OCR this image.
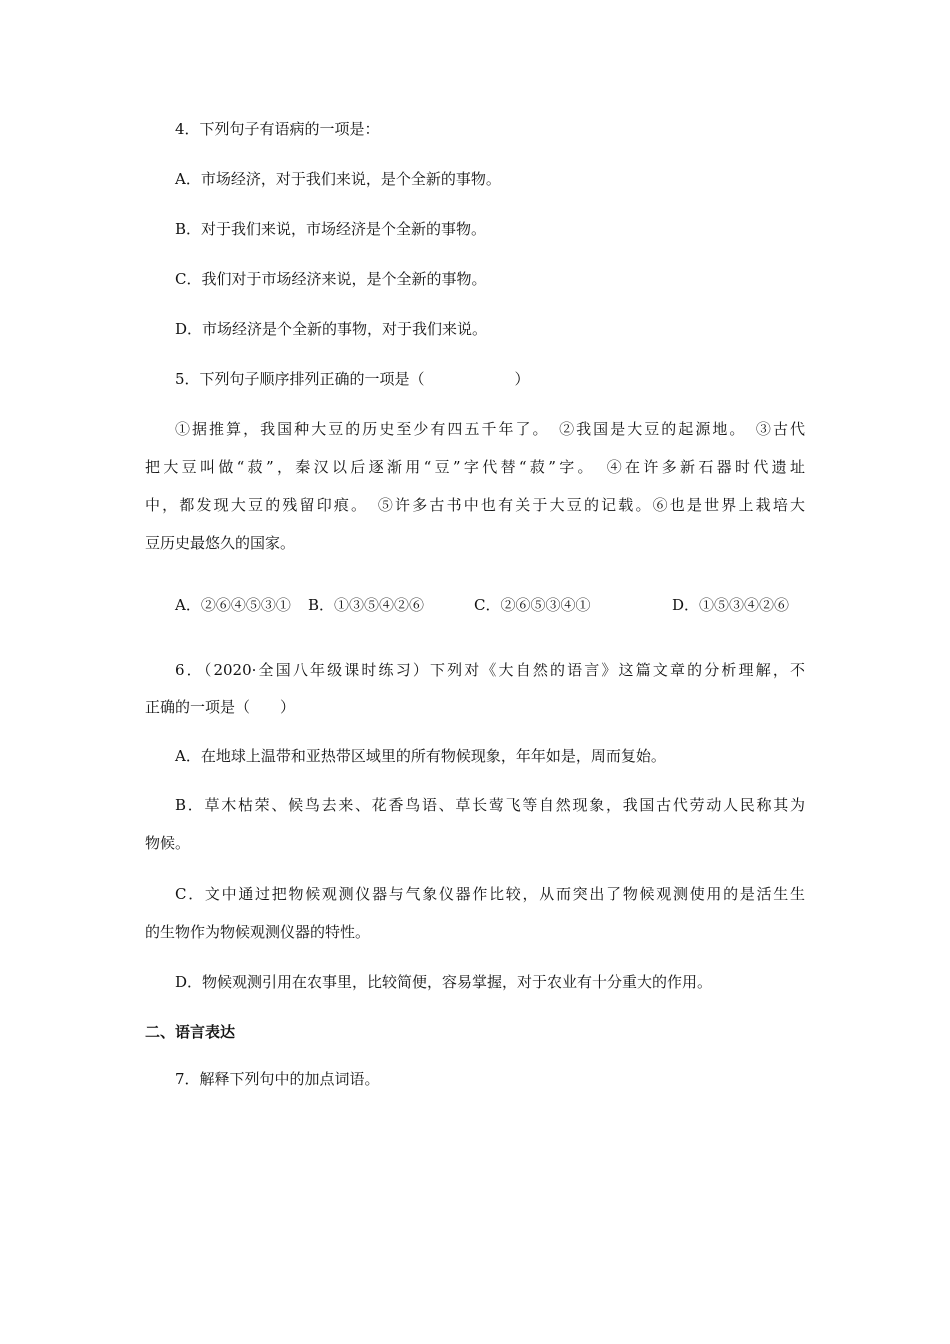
4．下列句子有语病的一项是：
A．市场经济，对于我们来说，是个全新的事物。
B．对于我们来说，市场经济是个全新的事物。
C．我们对于市场经济来说，是个全新的事物。
D．市场经济是个全新的事物，对于我们来说。
5．下列句子顺序排列正确的一项是（　　　　　　）
①据推算，我国种大豆的历史至少有四五千年了。　②我国是大豆的起源地。　③古代
把大豆叫做“菽”，秦汉以后逐渐用“豆”字代替“菽”字。　④在许多新石器时代遗址
中，都发现大豆的残留印痕。　⑤许多古书中也有关于大豆的记载。⑥也是世界上栽培大
豆历史最悠久的国家。
A．②⑥④⑤③① B．①③⑤④②⑥	C．②⑥⑤③④①	D．①⑤③④②⑥
6．（2020·全国八年级课时练习）下列对《大自然的语言》这篇文章的分析理解，不
正确的一项是（　　）
A．在地球上温带和亚热带区域里的所有物候现象，年年如是，周而复始。
B．草木枯荣、候鸟去来、花香鸟语、草长莺飞等自然现象，我国古代劳动人民称其为
物候。
C．文中通过把物候观测仪器与气象仪器作比较，从而突出了物候观测使用的是活生生
的生物作为物候观测仪器的特性。
D．物候观测引用在农事里，比较简便，容易掌握，对于农业有十分重大的作用。
二、语言表达
7．解释下列句中的加点词语。
